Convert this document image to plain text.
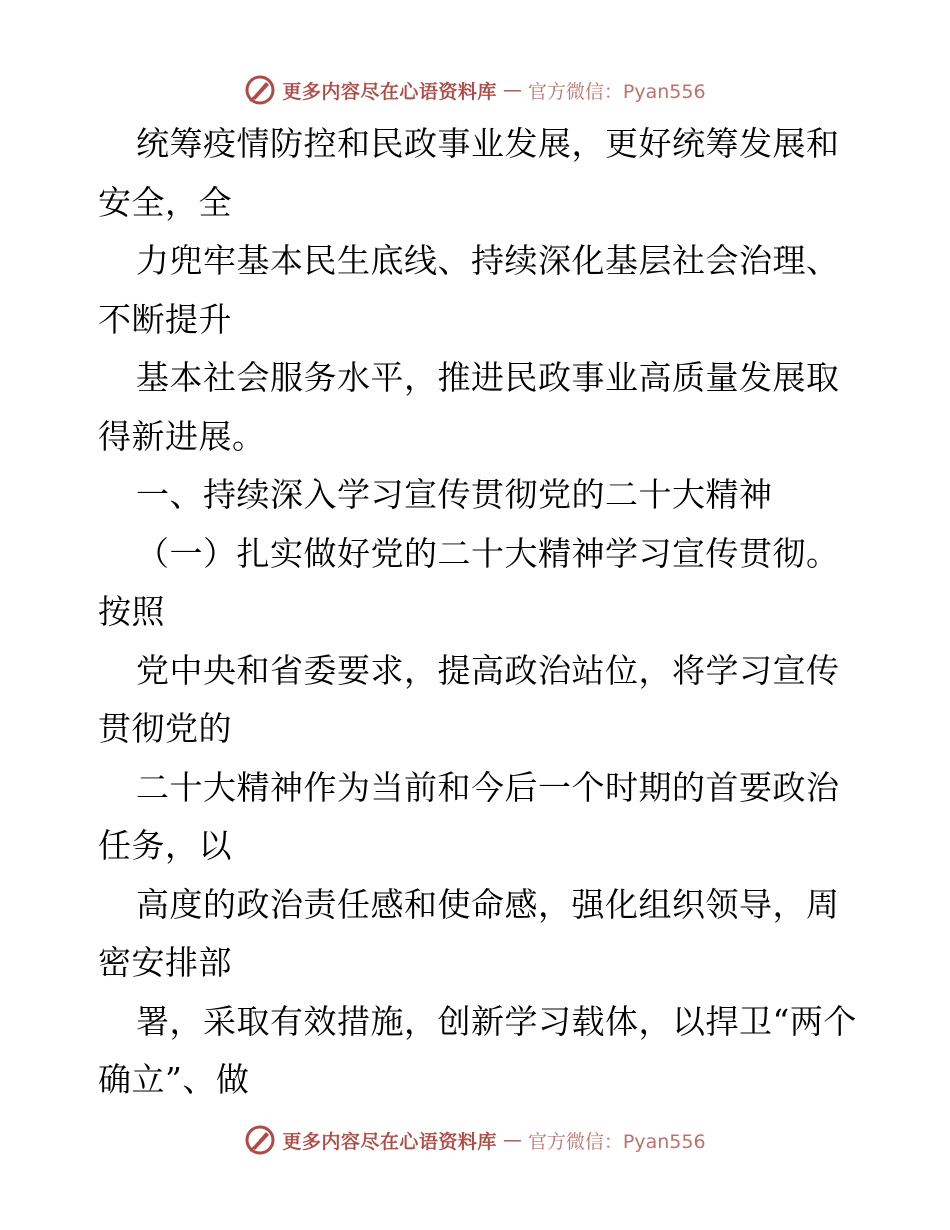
更多内容尽在心语资料库 — 官方微信：Pyan556

统筹疫情防控和民政事业发展，更好统筹发展和安全，全

力兜牢基本民生底线、持续深化基层社会治理、不断提升

基本社会服务水平，推进民政事业高质量发展取得新进展。

一、持续深入学习宣传贯彻党的二十大精神

（一）扎实做好党的二十大精神学习宣传贯彻。按照

党中央和省委要求，提高政治站位，将学习宣传贯彻党的

二十大精神作为当前和今后一个时期的首要政治任务，以

高度的政治责任感和使命感，强化组织领导，周密安排部

署，采取有效措施，创新学习载体，以捍卫“两个确立”、做

更多内容尽在心语资料库 — 官方微信：Pyan556
